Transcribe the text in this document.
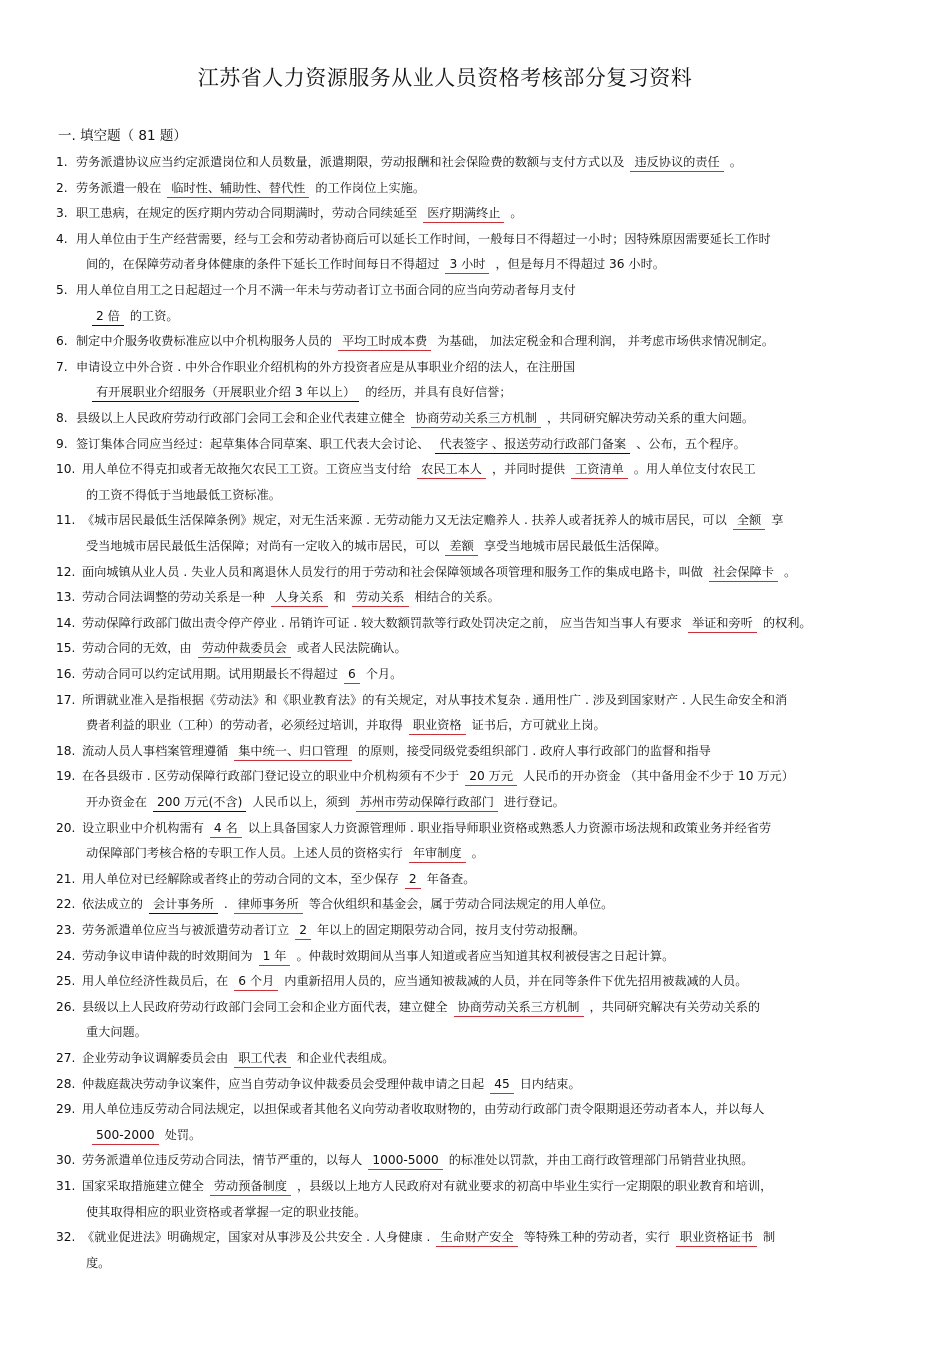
江苏省人力资源服务从业人员资格考核部分复习资料
一. 填空题（ 81 题）
1. 劳务派遣协议应当约定派遣岗位和人员数量，派遣期限，劳动报酬和社会保险费的数额与支付方式以及 违反协议的责任 。
2. 劳务派遣一般在 临时性、辅助性、替代性 的工作岗位上实施。
3. 职工患病，在规定的医疗期内劳动合同期满时，劳动合同续延至 医疗期满终止 。
4. 用人单位由于生产经营需要，经与工会和劳动者协商后可以延长工作时间，一般每日不得超过一小时；因特殊原因需要延长工作时
间的，在保障劳动者身体健康的条件下延长工作时间每日不得超过 3 小时 ，但是每月不得超过 36 小时。
5. 用人单位自用工之日起超过一个月不满一年未与劳动者订立书面合同的应当向劳动者每月支付
2 倍 的工资。
6. 制定中介服务收费标准应以中介机构服务人员的 平均工时成本费 为基础， 加法定税金和合理利润， 并考虑市场供求情况制定。
7. 申请设立中外合资 . 中外合作职业介绍机构的外方投资者应是从事职业介绍的法人，在注册国
有开展职业介绍服务（开展职业介绍 3 年以上） 的经历，并具有良好信誉；
8. 县级以上人民政府劳动行政部门会同工会和企业代表建立健全 协商劳动关系三方机制 ，共同研究解决劳动关系的重大问题。
9. 签订集体合同应当经过：起草集体合同草案、职工代表大会讨论、 代表签字 、报送劳动行政部门备案 、公布，五个程序。
10. 用人单位不得克扣或者无故拖欠农民工工资。工资应当支付给 农民工本人 ，并同时提供 工资清单 。用人单位支付农民工
的工资不得低于当地最低工资标准。
11. 《城市居民最低生活保障条例》规定，对无生活来源 . 无劳动能力又无法定赡养人 . 扶养人或者抚养人的城市居民，可以 全额 享
受当地城市居民最低生活保障；对尚有一定收入的城市居民，可以 差额 享受当地城市居民最低生活保障。
12. 面向城镇从业人员 . 失业人员和离退休人员发行的用于劳动和社会保障领域各项管理和服务工作的集成电路卡，叫做 社会保障卡 。
13. 劳动合同法调整的劳动关系是一种 人身关系 和 劳动关系 相结合的关系。
14. 劳动保障行政部门做出责令停产停业 . 吊销许可证 . 较大数额罚款等行政处罚决定之前， 应当告知当事人有要求 举证和旁听 的权利。
15. 劳动合同的无效，由 劳动仲裁委员会 或者人民法院确认。
16. 劳动合同可以约定试用期。试用期最长不得超过 6 个月。
17. 所谓就业准入是指根据《劳动法》和《职业教育法》的有关规定，对从事技术复杂 . 通用性广 . 涉及到国家财产 . 人民生命安全和消
费者利益的职业（工种）的劳动者，必须经过培训，并取得 职业资格 证书后，方可就业上岗。
18. 流动人员人事档案管理遵循 集中统一、归口管理 的原则，接受同级党委组织部门 . 政府人事行政部门的监督和指导
19. 在各县级市 . 区劳动保障行政部门登记设立的职业中介机构须有不少于 20 万元 人民币的开办资金 （其中备用金不少于 10 万元）
开办资金在 200 万元(不含) 人民币以上，须到 苏州市劳动保障行政部门 进行登记。
20. 设立职业中介机构需有 4 名 以上具备国家人力资源管理师 . 职业指导师职业资格或熟悉人力资源市场法规和政策业务并经省劳
动保障部门考核合格的专职工作人员。上述人员的资格实行 年审制度 。
21. 用人单位对已经解除或者终止的劳动合同的文本，至少保存 2 年备查。
22. 依法成立的 会计事务所 . 律师事务所 等合伙组织和基金会，属于劳动合同法规定的用人单位。
23. 劳务派遣单位应当与被派遣劳动者订立 2 年以上的固定期限劳动合同，按月支付劳动报酬。
24. 劳动争议申请仲裁的时效期间为 1 年 。仲裁时效期间从当事人知道或者应当知道其权利被侵害之日起计算。
25. 用人单位经济性裁员后，在 6 个月 内重新招用人员的，应当通知被裁减的人员，并在同等条件下优先招用被裁减的人员。
26. 县级以上人民政府劳动行政部门会同工会和企业方面代表，建立健全 协商劳动关系三方机制 ，共同研究解决有关劳动关系的
重大问题。
27. 企业劳动争议调解委员会由 职工代表 和企业代表组成。
28. 仲裁庭裁决劳动争议案件，应当自劳动争议仲裁委员会受理仲裁申请之日起 45 日内结束。
29. 用人单位违反劳动合同法规定，以担保或者其他名义向劳动者收取财物的，由劳动行政部门责令限期退还劳动者本人，并以每人
500-2000 处罚。
30. 劳务派遣单位违反劳动合同法，情节严重的，以每人 1000-5000 的标准处以罚款，并由工商行政管理部门吊销营业执照。
31. 国家采取措施建立健全 劳动预备制度 ，县级以上地方人民政府对有就业要求的初高中毕业生实行一定期限的职业教育和培训，
使其取得相应的职业资格或者掌握一定的职业技能。
32. 《就业促进法》明确规定，国家对从事涉及公共安全 . 人身健康 . 生命财产安全 等特殊工种的劳动者，实行 职业资格证书 制
度。
